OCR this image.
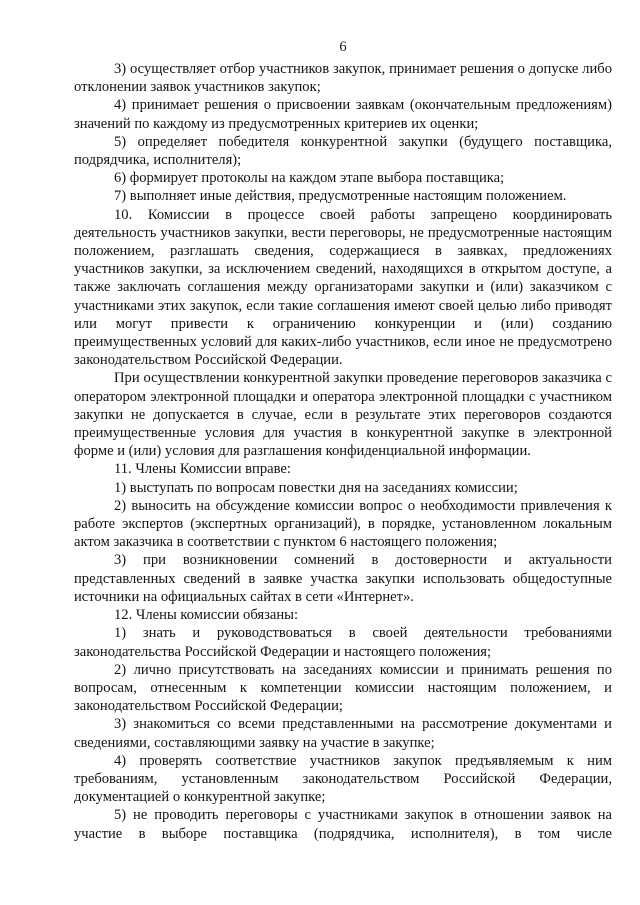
6

3) осуществляет отбор участников закупок, принимает решения о допуске либо отклонении заявок участников закупок;

4) принимает решения о присвоении заявкам (окончательным предложениям) значений по каждому из предусмотренных критериев их оценки;

5) определяет победителя конкурентной закупки (будущего поставщика, подрядчика, исполнителя);

6) формирует протоколы на каждом этапе выбора поставщика;

7) выполняет иные действия, предусмотренные настоящим положением.

10. Комиссии в процессе своей работы запрещено координировать деятельность участников закупки, вести переговоры, не предусмотренные настоящим положением, разглашать сведения, содержащиеся в заявках, предложениях участников закупки, за исключением сведений, находящихся в открытом доступе, а также заключать соглашения между организаторами закупки и (или) заказчиком с участниками этих закупок, если такие соглашения имеют своей целью либо приводят или могут привести к ограничению конкуренции и (или) созданию преимущественных условий для каких-либо участников, если иное не предусмотрено законодательством Российской Федерации.

При осуществлении конкурентной закупки проведение переговоров заказчика с оператором электронной площадки и оператора электронной площадки с участником закупки не допускается в случае, если в результате этих переговоров создаются преимущественные условия для участия в конкурентной закупке в электронной форме и (или) условия для разглашения конфиденциальной информации.

11. Члены Комиссии вправе:

1) выступать по вопросам повестки дня на заседаниях комиссии;

2) выносить на обсуждение комиссии вопрос о необходимости привлечения к работе экспертов (экспертных организаций), в порядке, установленном локальным актом заказчика в соответствии с пунктом 6 настоящего положения;

3) при возникновении сомнений в достоверности и актуальности представленных сведений в заявке участка закупки использовать общедоступные источники на официальных сайтах в сети «Интернет».

12. Члены комиссии обязаны:

1) знать и руководствоваться в своей деятельности требованиями законодательства Российской Федерации и настоящего положения;

2) лично присутствовать на заседаниях комиссии и принимать решения по вопросам, отнесенным к компетенции комиссии настоящим положением, и законодательством Российской Федерации;

3) знакомиться со всеми представленными на рассмотрение документами и сведениями, составляющими заявку на участие в закупке;

4) проверять соответствие участников закупок предъявляемым к ним требованиям, установленным законодательством Российской Федерации, документацией о конкурентной закупке;

5) не проводить переговоры с участниками закупок в отношении заявок на участие в выборе поставщика (подрядчика, исполнителя), в том числе
